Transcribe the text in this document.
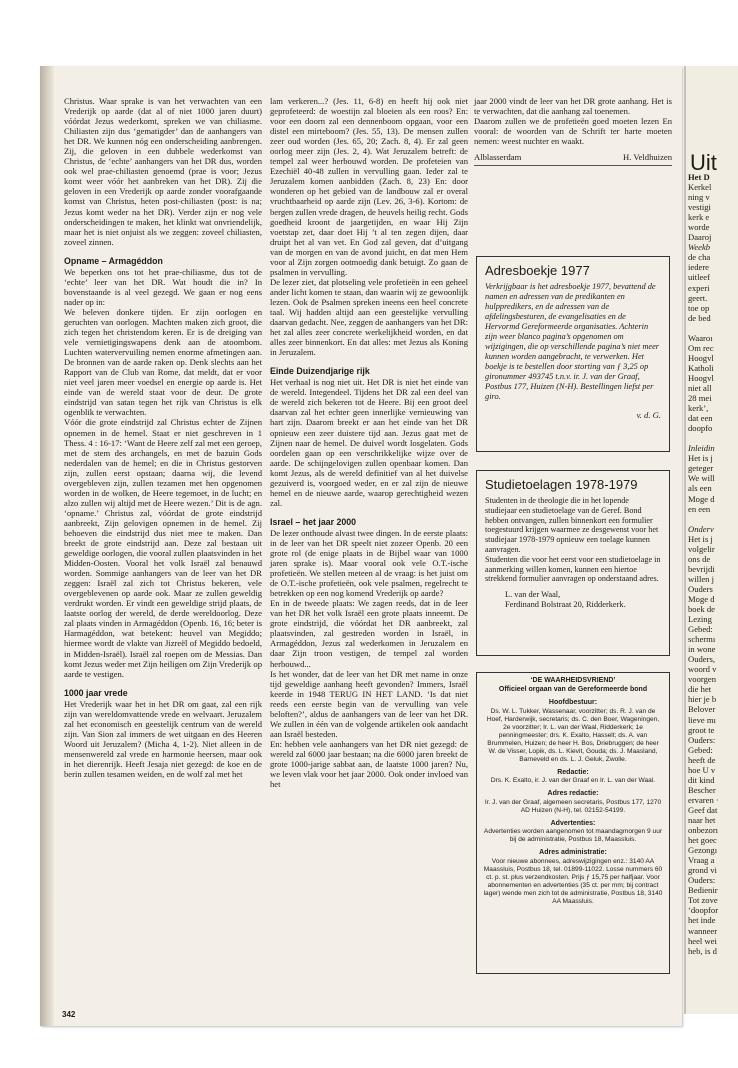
Christus. Waar sprake is van het verwachten van een Vrederijk op aarde (dat al of niet 1000 jaren duurt) vóórdat Jezus wederkomt, spreken we van chiliasme. Chiliasten zijn dus ‘gematigder’ dan de aanhangers van het DR. We kunnen nóg een onderscheiding aanbrengen. Zij, die geloven in een dubbele wederkomst van Christus, de ‘echte’ aanhangers van het DR dus, worden ook wel prae-chiliasten genoemd (prae is voor; Jezus komt weer vóór het aanbreken van het DR). Zij die geloven in een Vrederijk op aarde zonder voorafgaande komst van Christus, heten post-chiliasten (post: is na; Jezus komt weder na het DR). Verder zijn er nog vele onderscheidingen te maken, het klinkt wat onvriendelijk, maar het is niet onjuist als we zeggen: zoveel chiliasten, zoveel zinnen.

Opname – Armagéddon

We beperken ons tot het prae-chiliasme, dus tot de ‘echte’ leer van het DR. Wat houdt die in? In bovenstaande is al veel gezegd. We gaan er nog eens nader op in:

We beleven donkere tijden. Er zijn oorlogen en geruchten van oorlogen. Machten maken zich groot, die zich tegen het christendom keren. Er is de dreiging van vele vernietigingswapens denk aan de atoombom. Luchten watervervuiling nemen enorme afmetingen aan. De bronnen van de aarde raken op. Denk slechts aan het Rapport van de Club van Rome, dat meldt, dat er voor niet veel jaren meer voedsel en energie op aarde is. Het einde van de wereld staat voor de deur. De grote eindstrijd van satan tegen het rijk van Christus is elk ogenblik te verwachten.

Vóór die grote eindstrijd zal Christus echter de Zijnen opnemen in de hemel. Staat er niet geschreven in 1 Thess. 4 : 16-17: ‘Want de Heere zelf zal met een geroep, met de stem des archangels, en met de bazuin Gods nederdalen van de hemel; en die in Christus gestorven zijn, zullen eerst opstaan; daarna wij, die levend overgebleven zijn, zullen tezamen met hen opgenomen worden in de wolken, de Heere tegemoet, in de lucht; en alzo zullen wij altijd met de Heere wezen.’ Dit is de agn. ‘opname.’ Christus zal, vóórdat de grote eindstrijd aanbreekt, Zijn gelovigen opnemen in de hemel. Zij behoeven die eindstrijd dus niet mee te maken. Dan breekt de grote eindstrijd aan. Deze zal bestaan uit geweldige oorlogen, die vooral zullen plaatsvinden in het Midden-Oosten. Vooral het volk Israël zal benauwd worden. Sommige aanhangers van de leer van het DR zeggen: Israël zal zich tot Christus bekeren, vele overgeblevenen op aarde ook. Maar ze zullen geweldig verdrukt worden. Er vindt een geweldige strijd plaats, de laatste oorlog der wereld, de derde wereldoorlog. Deze zal plaats vinden in Armagéddon (Openb. 16, 16; beter is Harmagéddon, wat betekent: heuvel van Megiddo; hiermee wordt de vlakte van Jizreël of Megiddo bedoeld, in Midden-Israël). Israël zal roepen om de Messias. Dan komt Jezus weder met Zijn heiligen om Zijn Vrederijk op aarde te vestigen.

1000 jaar vrede

Het Vrederijk waar het in het DR om gaat, zal een rijk zijn van wereldomvattende vrede en welvaart. Jeruzalem zal het economisch en geestelijk centrum van de wereld zijn. Van Sion zal immers de wet uitgaan en des Heeren Woord uit Jeruzalem? (Micha 4, 1-2). Niet alleen in de mensenwereld zal vrede en harmonie heersen, maar ook in het dierenrijk. Heeft Jesaja niet gezegd: de koe en de berin zullen tesamen weiden, en de wolf zal met het

lam verkeren...? (Jes. 11, 6-8) en heeft hij ook niet geprofeteerd: de woestijn zal bloeien als een roos? En: voor een doorn zal een dennenboom opgaan, voor een distel een mirteboom? (Jes. 55, 13). De mensen zullen zeer oud worden (Jes. 65, 20; Zach. 8, 4). Er zal geen oorlog meer zijn (Jes. 2, 4). Wat Jeruzalem betreft: de tempel zal weer herbouwd worden. De profeteien van Ezechiël 40-48 zullen in vervulling gaan. Ieder zal te Jeruzalem komen aanbidden (Zach. 8, 23) En: door wonderen op het gebied van de landbouw zal er overal vruchtbaarheid op aarde zijn (Lev. 26, 3-6). Kortom: de bergen zullen vrede dragen, de heuvels heilig recht. Gods goedheid kroont de jaargetijden, en waar Hij Zijn voetstap zet, daar doet Hij ’t al ten zegen dijen, daar druipt het al van vet. En God zal geven, dat d’uitgang van de morgen en van de avond juicht, en dat men Hem voor al Zijn zorgen ootmoedig dank betuigt. Zo gaan de psalmen in vervulling.

De lezer ziet, dat plotseling vele profetieën in een geheel ander licht komen te staan, dan waarin wij ze gewoonlijk lezen. Ook de Psalmen spreken ineens een heel concrete taal. Wij hadden altijd aan een geestelijke vervulling daarvan gedacht. Nee, zeggen de aanhangers van het DR: het zal alles zeer concrete werkelijkheid worden, en dat alles zeer binnenkort. En dat alles: met Jezus als Koning in Jeruzalem.

Einde Duizendjarige rijk

Het verhaal is nog niet uit. Het DR is niet het einde van de wereld. Integendeel. Tijdens het DR zal een deel van de wereld zich bekeren tot de Heere. Bij een groot deel daarvan zal het echter geen innerlijke vernieuwing van hart zijn. Daarom breekt er aan het einde van het DR opnieuw een zeer duistere tijd aan. Jezus gaat met de Zijnen naar de hemel. De duivel wordt losgelaten. Gods oordelen gaan op een verschrikkelijke wijze over de aarde. De schijngelovigen zullen openbaar komen. Dan komt Jezus, als de wereld definitief van al het duivelse gezuiverd is, voorgoed weder, en er zal zijn de nieuwe hemel en de nieuwe aarde, waarop gerechtigheid wezen zal.

Israel – het jaar 2000

De lezer onthoude alvast twee dingen. In de eerste plaats: in de leer van het DR speelt niet zozeer Openb. 20 een grote rol (de enige plaats in de Bijbel waar van 1000 jaren sprake is). Maar vooral ook vele O.T.-ische profetieën. We stellen meteen al de vraag: is het juist om de O.T.-ische profetieën, ook vele psalmen, regelrecht te betrekken op een nog komend Vrederijk op aarde?

En in de tweede plaats: We zagen reeds, dat in de leer van het DR het volk Israël een grote plaats inneemt. De grote eindstrijd, die vóórdat het DR aanbreekt, zal plaatsvinden, zal gestreden worden in Israël, in Armagéddon, Jezus zal wederkomen in Jeruzalem en daar Zijn troon vestigen, de tempel zal worden herbouwd...

Is het wonder, dat de leer van het DR met name in onze tijd geweldige aanhang heeft gevonden? Immers, Israël keerde in 1948 TERUG IN HET LAND. ‘Is dat niet reeds een eerste begin van de vervulling van vele beloften?’, aldus de aanhangers van de leer van het DR. We zullen in één van de volgende artikelen ook aandacht aan Israël besteden.

En: hebben vele aanhangers van het DR niet gezegd: de wereld zal 6000 jaar bestaan; na die 6000 jaren breekt de grote 1000-jarige sabbat aan, de laatste 1000 jaren? Nu, we leven vlak voor het jaar 2000. Ook onder invloed van het

jaar 2000 vindt de leer van het DR grote aanhang. Het is te verwachten, dat die aanhang zal toenemen.

Daarom zullen we de profetieën goed moeten lezen En vooral: de woorden van de Schrift ter harte moeten nemen: weest nuchter en waakt.

Alblasserdam	H. Veldhuizen
Adresboekje 1977
Verkrijgbaar is het adresboekje 1977, bevattend de namen en adressen van de predikanten en hulppredikers, en de adressen van de afdelingsbesturen, de evangelisaties en de Hervormd Gereformeerde organisaties. Achterin zijn weer blanco pagina’s opgenomen om wijzigingen, die op verschillende pagina’s niet meer kunnen worden aangebracht, te verwerken. Het boekje is te bestellen door storting van ƒ 3,25 op gironummer 493745 t.n.v. ir. J. van der Graaf, Postbus 177, Huizen (N-H). Bestellingen liefst per giro.
v. d. G.
Studietoelagen 1978-1979
Studenten in de theologie die in het lopende studiejaar een studietoelage van de Geref. Bond hebben ontvangen, zullen binnenkort een formulier toegestuurd krijgen waarmee ze desgewenst voor het studiejaar 1978-1979 opnieuw een toelage kunnen aanvragen.
Studenten die voor het eerst voor een studietoelage in aanmerking willen komen, kunnen een hiertoe strekkend formulier aanvragen op onderstaand adres.
L. van der Waal,
Ferdinand Bolstraat 20, Ridderkerk.
‘DE WAARHEIDSVRIEND’
Officieel orgaan van de Gereformeerde bond
Hoofdbestuur:
Ds. W. L. Tukker, Wassenaar, voorzitter; ds. R. J. van de Hoef, Harderwijk, secretaris; ds. C. den Boer, Wageningen, 2e voorzitter; Ir. L. van der Waal, Ridderkerk; 1e penningmeester; drs. K. Exalto, Hasselt; ds. A. van Brummelen, Huizen; de heer H. Bos, Driebruggen; de heer W. de Visser, Lopik, ds. L. Kievit, Gouda; ds. J. Maasland, Barneveld en ds. L. J. Geluk, Zwolle.
Redactie:
Drs. K. Exalto, ir. J. van der Graaf en Ir. L. van der Waal.
Adres redactie:
Ir. J. van der Graaf, algemeen secretaris, Postbus 177, 1270 AD Huizen (N-H), tel. 02152-54199.
Advertenties:
Advertenties worden aangenomen tot maandagmorgen 9 uur bij de administratie, Postbus 18, Maassluis.
Adres administratie:
Voor nieuwe abonnees, adreswijzigingen enz.: 3140 AA Maassluis, Postbus 18, tel. 01899-11022. Losse nummers 60 ct. p. st. plus verzendkosten. Prijs ƒ 15,75 per halfjaar. Voor abonnementen en advertenties (35 ct. per mm; bij contract lager) wende men zich tot de administratie, Postbus 18, 3140 AA Maassluis.
342
Uit
Het D
Kerkel
ning v
vestigi
kerk e
worde
Daaroj
Weekb
de cha
iedere
uitleef
experi
geert.
toe op
de bed

Waaroı
Om rec
Hoogvl
Katholi
Hoogvl
niet all
28 mei
kerk’,
dat een
doopfo

Inleidin
Het is j
geteger
We will
als een
Moge d
en een

Onderv
Het is j
volgelir
ons de
bevrijdi
willen j
Ouders
Moge d
boek de
Lezing
Gebed:
schermı
in wone
Ouders,
woord v
voorgen
die het
hier je b
Belover
lieve mı
groot te
Ouders:
Gebed:
heeft de
hoe U v
dit kind
Bescher
ervaren ·
Geef dat
naar het
onbezorı
het goec
Gezongı
Vraag a
grond vi
Ouders:
Bedienir
Tot zove
‘doopfor
het inde
wanneer
heel wei
heb, is d
